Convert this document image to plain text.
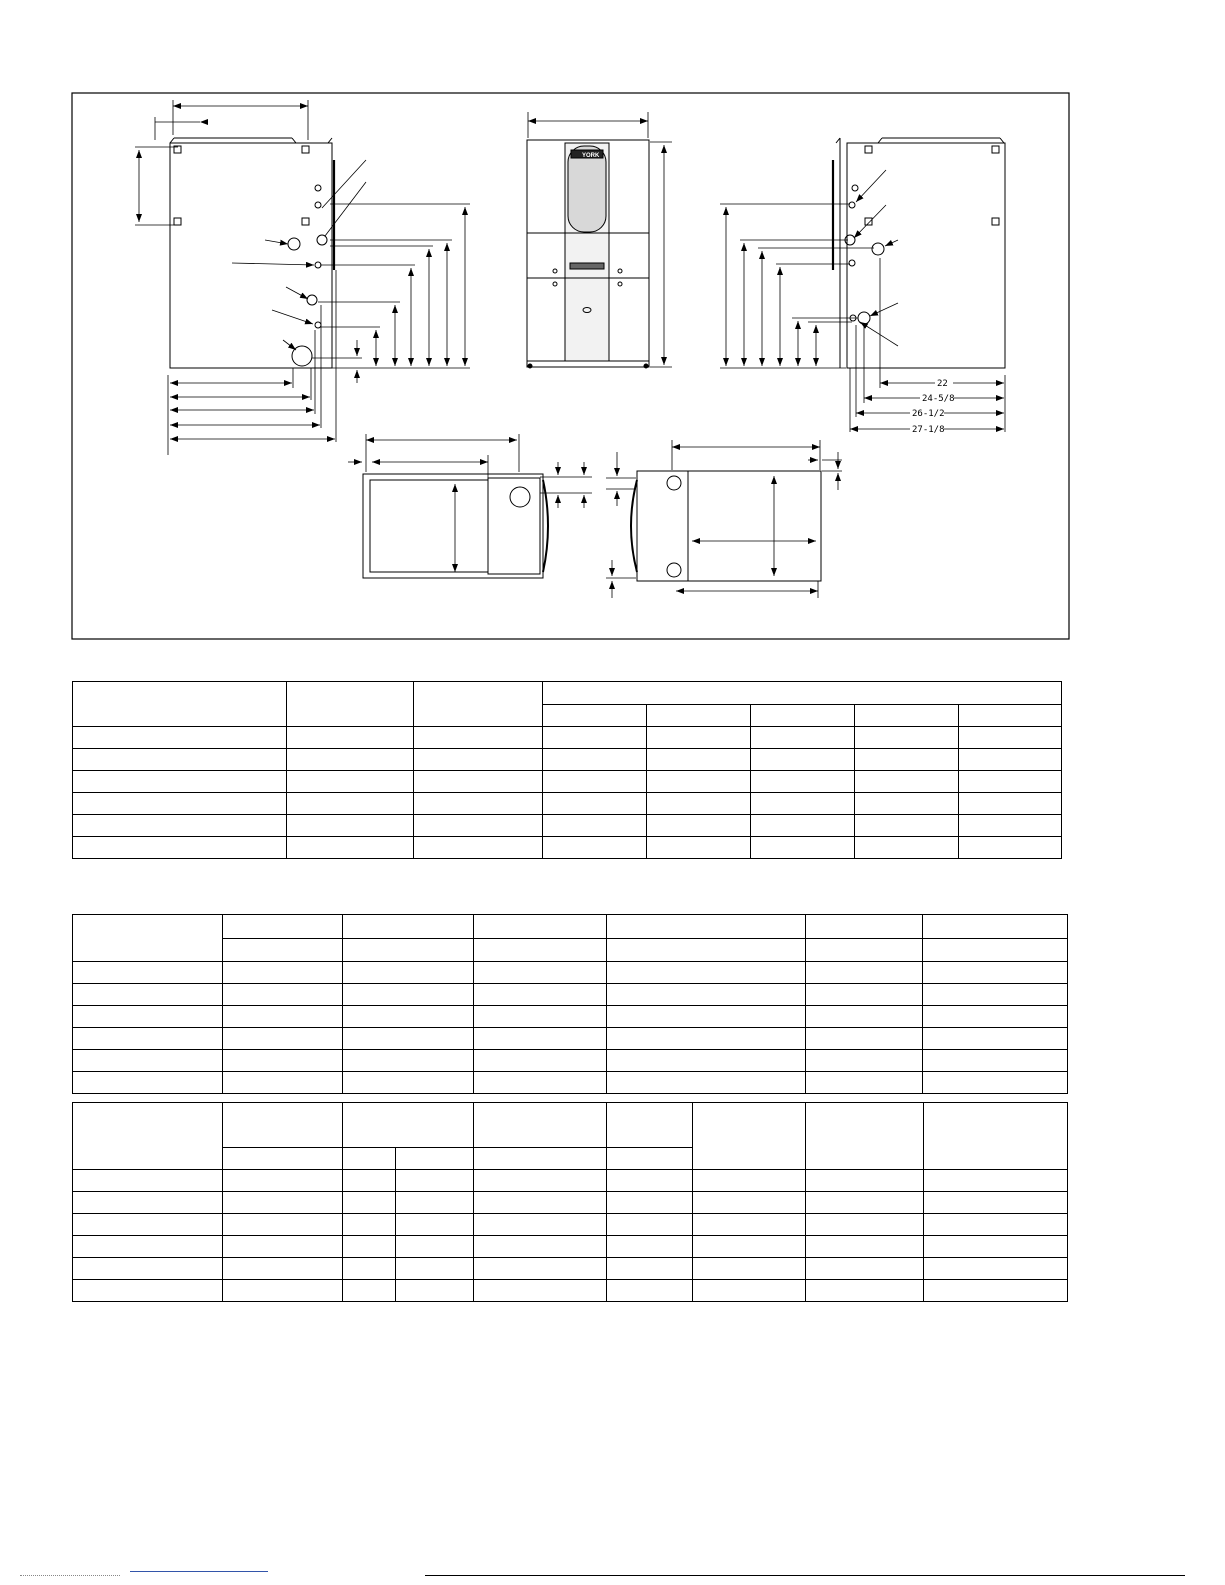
YORK
22
24-5/8
26-1/2
27-1/8
